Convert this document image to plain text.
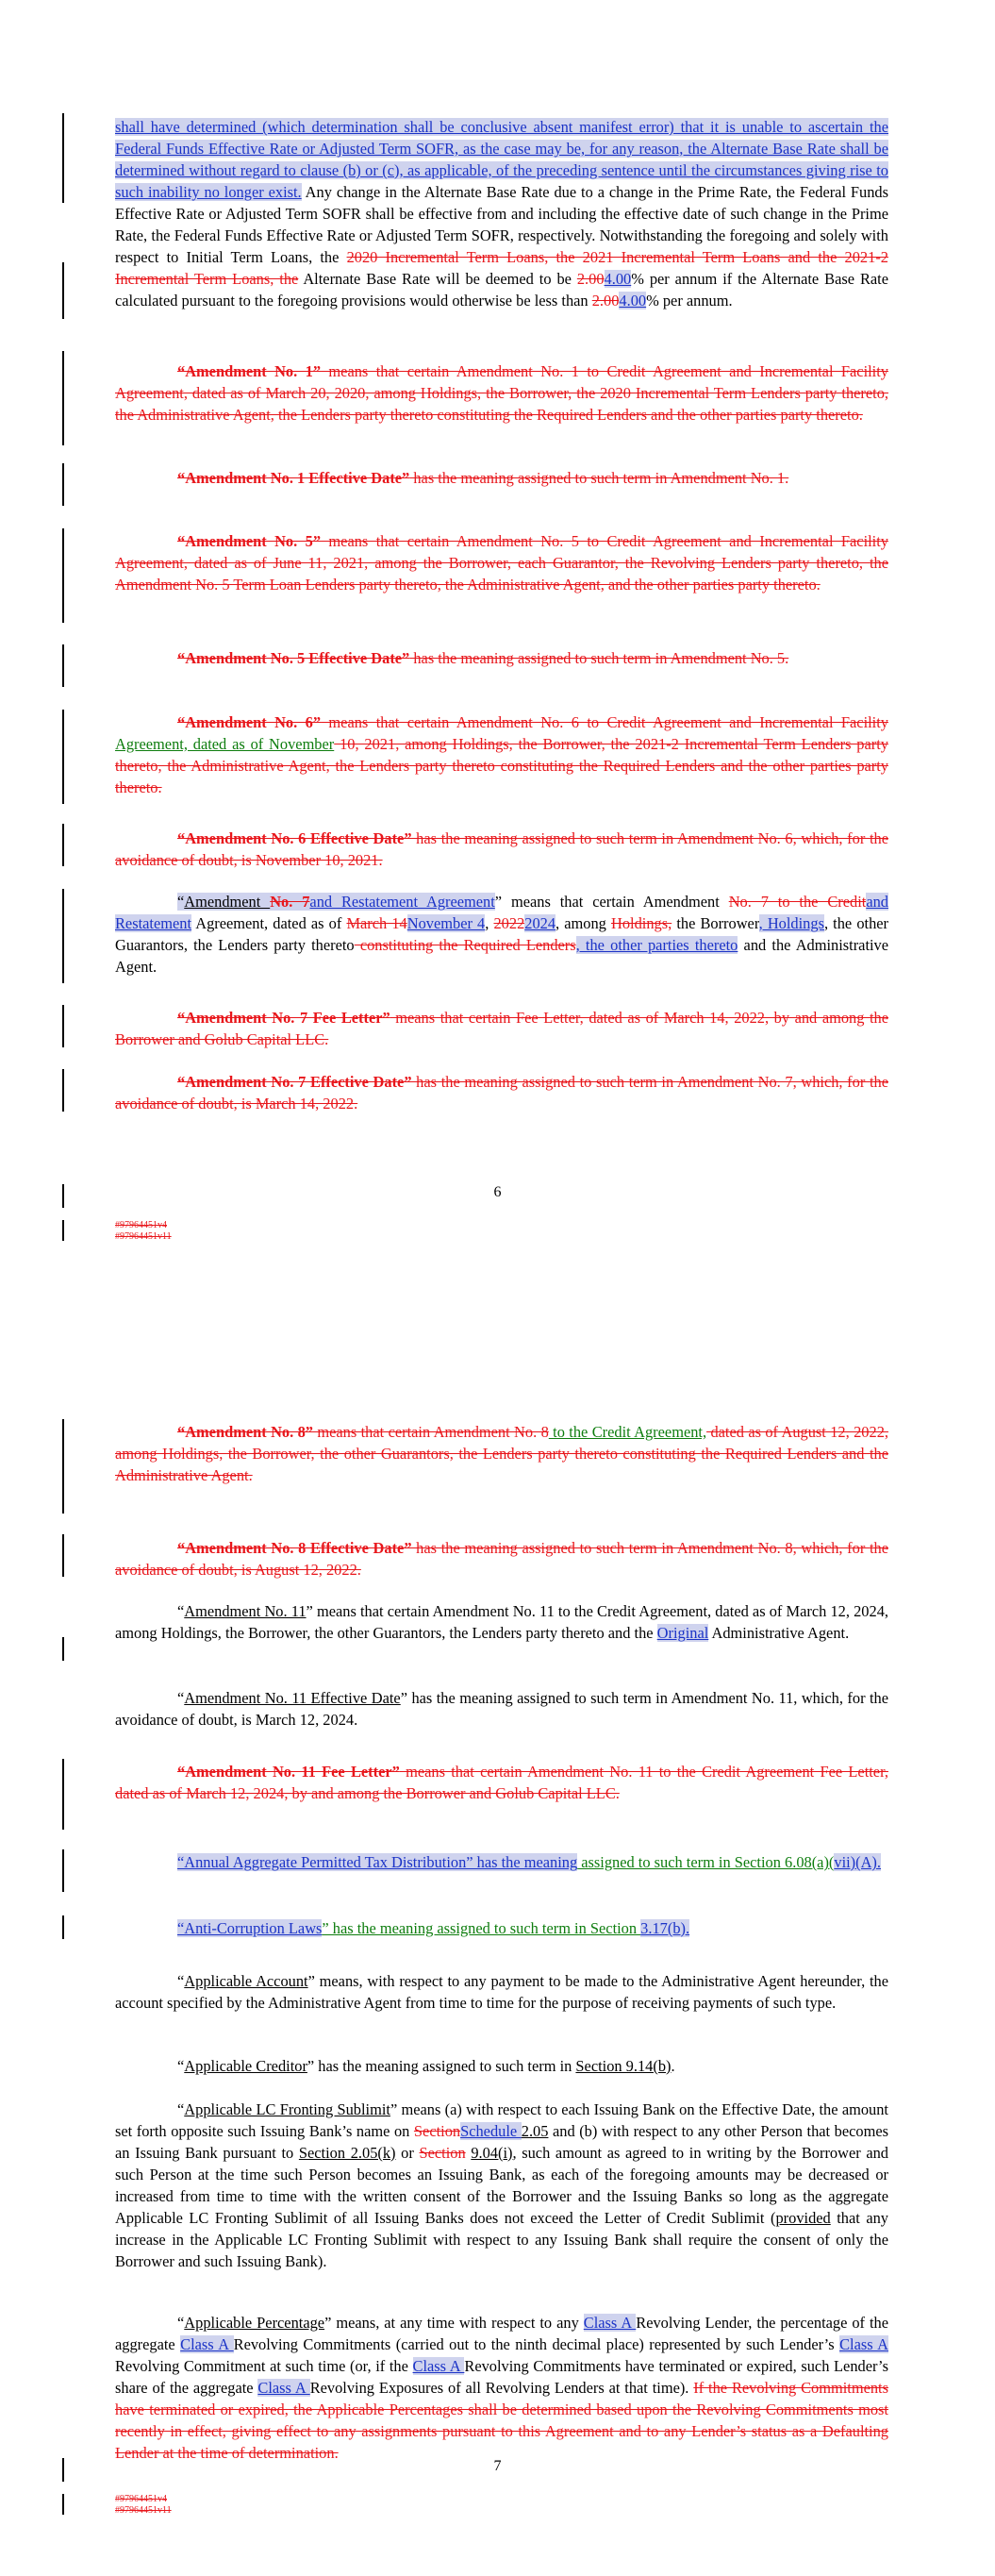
shall have determined (which determination shall be conclusive absent manifest error) that it is unable to ascertain the Federal Funds Effective Rate or Adjusted Term SOFR, as the case may be, for any reason, the Alternate Base Rate shall be determined without regard to clause (b) or (c), as applicable, of the preceding sentence until the circumstances giving rise to such inability no longer exist. Any change in the Alternate Base Rate due to a change in the Prime Rate, the Federal Funds Effective Rate or Adjusted Term SOFR shall be effective from and including the effective date of such change in the Prime Rate, the Federal Funds Effective Rate or Adjusted Term SOFR, respectively. Notwithstanding the foregoing and solely with respect to Initial Term Loans, the 2020 Incremental Term Loans, the 2021 Incremental Term Loans and the 2021-2 Incremental Term Loans, the Alternate Base Rate will be deemed to be 2.004.00% per annum if the Alternate Base Rate calculated pursuant to the foregoing provisions would otherwise be less than 2.004.00% per annum.

“Amendment No. 1” means that certain Amendment No. 1 to Credit Agreement and Incremental Facility Agreement, dated as of March 20, 2020, among Holdings, the Borrower, the 2020 Incremental Term Lenders party thereto, the Administrative Agent, the Lenders party thereto constituting the Required Lenders and the other parties party thereto.

“Amendment No. 1 Effective Date” has the meaning assigned to such term in Amendment No. 1.

“Amendment No. 5” means that certain Amendment No. 5 to Credit Agreement and Incremental Facility Agreement, dated as of June 11, 2021, among the Borrower, each Guarantor, the Revolving Lenders party thereto, the Amendment No. 5 Term Loan Lenders party thereto, the Administrative Agent, and the other parties party thereto.

“Amendment No. 5 Effective Date” has the meaning assigned to such term in Amendment No. 5.

“Amendment No. 6” means that certain Amendment No. 6 to Credit Agreement and Incremental Facility Agreement, dated as of November 10, 2021, among Holdings, the Borrower, the 2021-2 Incremental Term Lenders party thereto, the Administrative Agent, the Lenders party thereto constituting the Required Lenders and the other parties party thereto.

“Amendment No. 6 Effective Date” has the meaning assigned to such term in Amendment No. 6, which, for the avoidance of doubt, is November 10, 2021.

“Amendment No. 7and Restatement Agreement” means that certain Amendment No. 7 to the Creditand Restatement Agreement, dated as of March 14November 4, 20222024, among Holdings, the Borrower, Holdings, the other Guarantors, the Lenders party thereto constituting the Required Lenders, the other parties thereto and the Administrative Agent.

“Amendment No. 7 Fee Letter” means that certain Fee Letter, dated as of March 14, 2022, by and among the Borrower and Golub Capital LLC.

“Amendment No. 7 Effective Date” has the meaning assigned to such term in Amendment No. 7, which, for the avoidance of doubt, is March 14, 2022.

6
#97964451v4
#97964451v11

“Amendment No. 8” means that certain Amendment No. 8 to the Credit Agreement, dated as of August 12, 2022, among Holdings, the Borrower, the other Guarantors, the Lenders party thereto constituting the Required Lenders and the Administrative Agent.

“Amendment No. 8 Effective Date” has the meaning assigned to such term in Amendment No. 8, which, for the avoidance of doubt, is August 12, 2022.

“Amendment No. 11” means that certain Amendment No. 11 to the Credit Agreement, dated as of March 12, 2024, among Holdings, the Borrower, the other Guarantors, the Lenders party thereto and the Original Administrative Agent.

“Amendment No. 11 Effective Date” has the meaning assigned to such term in Amendment No. 11, which, for the avoidance of doubt, is March 12, 2024.

“Amendment No. 11 Fee Letter” means that certain Amendment No. 11 to the Credit Agreement Fee Letter, dated as of March 12, 2024, by and among the Borrower and Golub Capital LLC.

“Annual Aggregate Permitted Tax Distribution” has the meaning assigned to such term in Section 6.08(a)(vii)(A).

“Anti-Corruption Laws” has the meaning assigned to such term in Section 3.17(b).

“Applicable Account” means, with respect to any payment to be made to the Administrative Agent hereunder, the account specified by the Administrative Agent from time to time for the purpose of receiving payments of such type.

“Applicable Creditor” has the meaning assigned to such term in Section 9.14(b).

“Applicable LC Fronting Sublimit” means (a) with respect to each Issuing Bank on the Effective Date, the amount set forth opposite such Issuing Bank’s name on SectionSchedule 2.05 and (b) with respect to any other Person that becomes an Issuing Bank pursuant to Section 2.05(k) or Section 9.04(i), such amount as agreed to in writing by the Borrower and such Person at the time such Person becomes an Issuing Bank, as each of the foregoing amounts may be decreased or increased from time to time with the written consent of the Borrower and the Issuing Banks so long as the aggregate Applicable LC Fronting Sublimit of all Issuing Banks does not exceed the Letter of Credit Sublimit (provided that any increase in the Applicable LC Fronting Sublimit with respect to any Issuing Bank shall require the consent of only the Borrower and such Issuing Bank).

“Applicable Percentage” means, at any time with respect to any Class A Revolving Lender, the percentage of the aggregate Class A Revolving Commitments (carried out to the ninth decimal place) represented by such Lender’s Class A Revolving Commitment at such time (or, if the Class A Revolving Commitments have terminated or expired, such Lender’s share of the aggregate Class A Revolving Exposures of all Revolving Lenders at that time). If the Revolving Commitments have terminated or expired, the Applicable Percentages shall be determined based upon the Revolving Commitments most recently in effect, giving effect to any assignments pursuant to this Agreement and to any Lender’s status as a Defaulting Lender at the time of determination.

7
#97964451v4
#97964451v11
